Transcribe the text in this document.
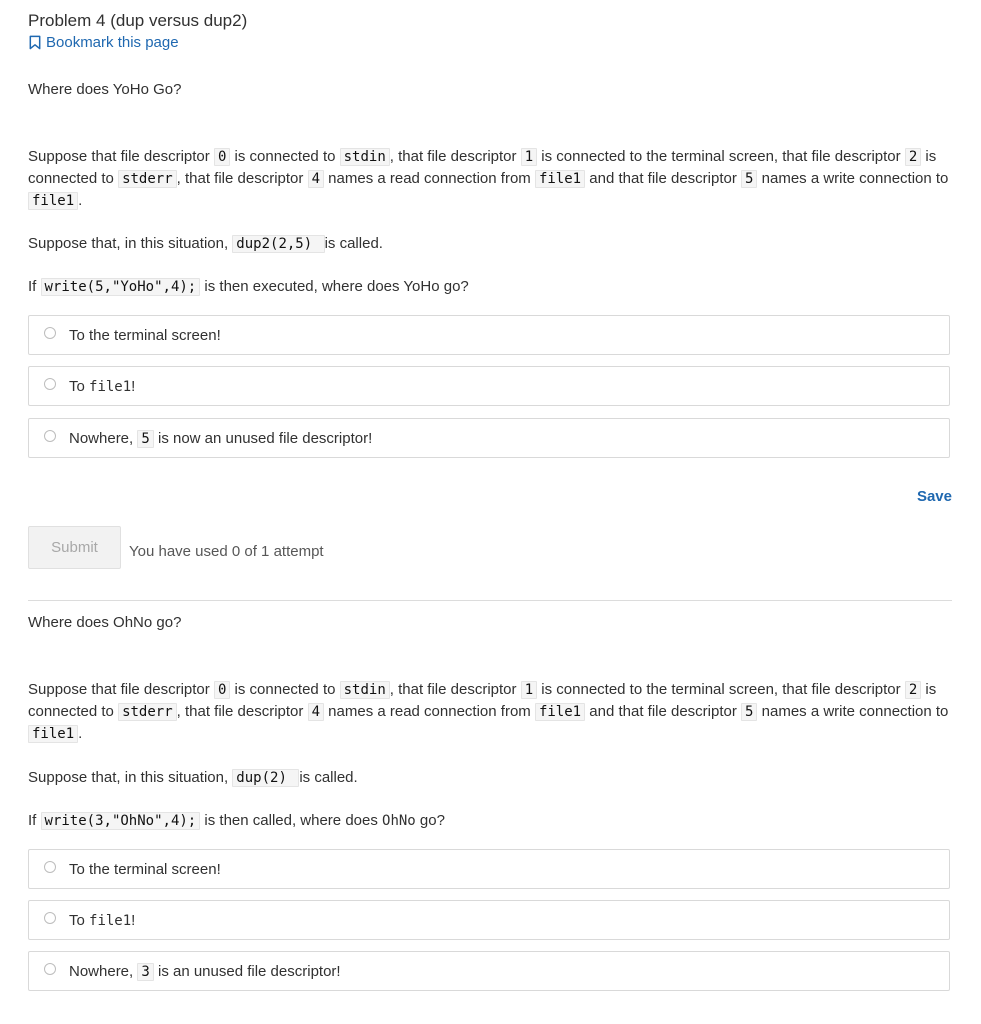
Problem 4 (dup versus dup2)
Bookmark this page
Where does YoHo Go?
Suppose that file descriptor 0 is connected to stdin , that file descriptor 1 is connected to the terminal screen, that file descriptor 2 is connected to stderr , that file descriptor 4 names a read connection from file1 and that file descriptor 5 names a write connection to file1 .
Suppose that, in this situation, dup2(2,5) is called.
If write(5,"YoHo",4); is then executed, where does YoHo go?
To the terminal screen!
To file1!
Nowhere, 5 is now an unused file descriptor!
Save
Submit	You have used 0 of 1 attempt
Where does OhNo go?
Suppose that file descriptor 0 is connected to stdin , that file descriptor 1 is connected to the terminal screen, that file descriptor 2 is connected to stderr , that file descriptor 4 names a read connection from file1 and that file descriptor 5 names a write connection to file1 .
Suppose that, in this situation, dup(2) is called.
If write(3,"OhNo",4); is then called, where does OhNo go?
To the terminal screen!
To file1!
Nowhere, 3 is an unused file descriptor!
